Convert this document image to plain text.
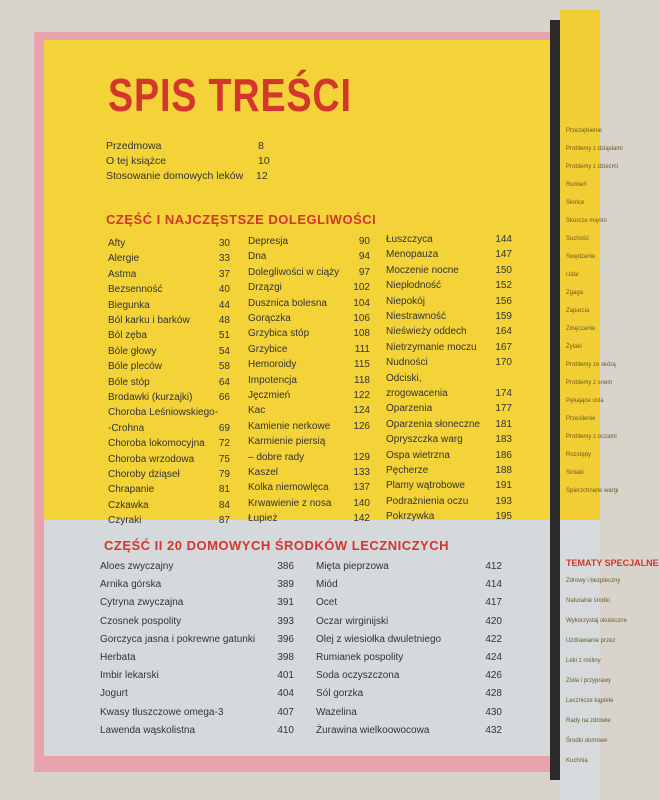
Przeziębienie
Problemy z dziąsłami
Problemy z dziećmi
Rumień
Słońce
Skurcze mięśni
Suchość
Swędzenie
Udar
Zgaga
Zaparcia
Zmęczenie
Żylaki
Problemy ze skórą
Problemy z snem
Pękające usta
Przesilenie
Problemy z oczami
Rozstępy
Siniaki
Spierzchnięte wargi
TEMATY SPECJALNE
Zdrowy i bezpieczny
Naturalne środki
Wykorzystaj skuteczne
Uzdrawianie przez
Leki z rośliny
Zioła i przyprawy
Lecznicze kąpiele
Rady na zdrowie
Środki domowe
Kuchnia
SPIS TREŚCI
Przedmowa	8
O tej książce	10
Stosowanie domowych leków 12
CZĘŚĆ I NAJCZĘSTSZE DOLEGLIWOŚCI
Afty	30
Alergie	33
Astma	37
Bezsenność	40
Biegunka	44
Ból karku i barków	48
Ból zęba	51
Bóle głowy	54
Bóle pleców	58
Bóle stóp	64
Brodawki (kurzajki)	66
Choroba Leśniowskiego-
-Crohna	69
Choroba lokomocyjna	72
Choroba wrzodowa	75
Choroby dziąseł	79
Chrapanie	81
Czkawka	84
Czyraki	87
Depresja	90
Dna	94
Dolegliwości w ciąży	97
Drzązgi	102
Dusznica bolesna	104
Gorączka	106
Grzybica stóp	108
Grzybice	111
Hemoroidy	115
Impotencja	118
Jęczmień	122
Kac	124
Kamienie nerkowe	126
Karmienie piersią
– dobre rady	129
Kaszel	133
Kolka niemowlęca	137
Krwawienie z nosa	140
Łupież	142
Łuszczyca	144
Menopauza	147
Moczenie nocne	150
Niepłodność	152
Niepokój	156
Niestrawność	159
Nieświeży oddech	164
Nietrzymanie moczu	167
Nudności	170
Odciski,
zrogowacenia	174
Oparzenia	177
Oparzenia słoneczne	181
Opryszczka warg	183
Ospa wietrzna	186
Pęcherze	188
Plamy wątrobowe	191
Podrażnienia oczu	193
Pokrzywka	195
CZĘŚĆ II 20 DOMOWYCH ŚRODKÓW LECZNICZYCH
Aloes zwyczajny	386
Arnika górska	389
Cytryna zwyczajna	391
Czosnek pospolity	393
Gorczyca jasna i pokrewne gatunki	396
Herbata	398
Imbir lekarski	401
Jogurt	404
Kwasy tłuszczowe omega-3	407
Lawenda wąskolistna	410
Mięta pieprzowa	412
Miód	414
Ocet	417
Oczar wirginijski	420
Olej z wiesiołka dwuletniego	422
Rumianek pospolity	424
Soda oczyszczona	426
Sól gorzka	428
Wazelina	430
Żurawina wielkoowocowa	432
